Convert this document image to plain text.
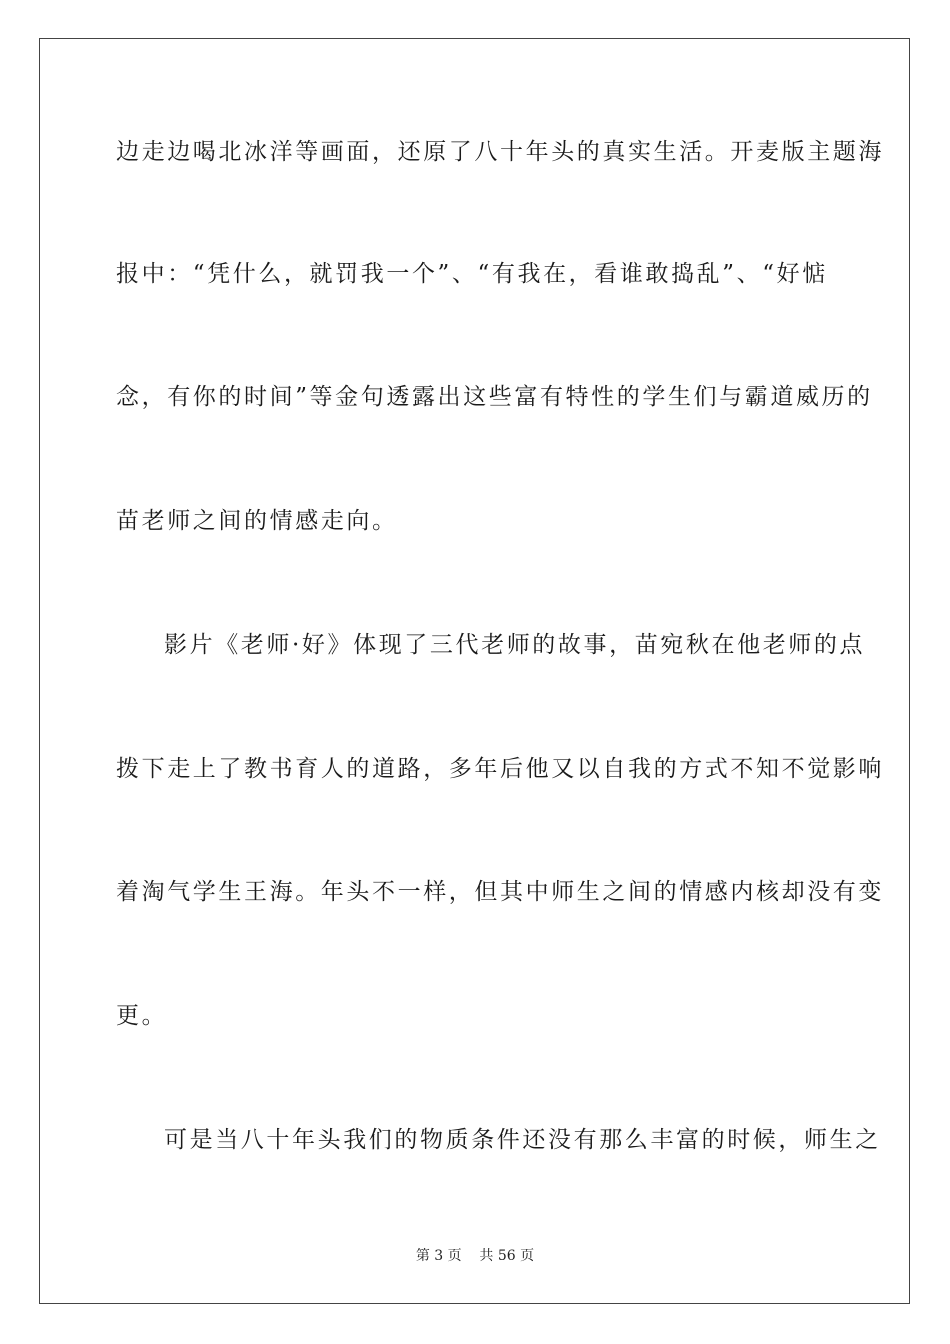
边走边喝北冰洋等画面，还原了八十年头的真实生活。开麦版主题海
报中：“凭什么，就罚我一个”、“有我在，看谁敢捣乱”、“好惦
念，有你的时间”等金句透露出这些富有特性的学生们与霸道威历的
苗老师之间的情感走向。
影片《老师·好》体现了三代老师的故事，苗宛秋在他老师的点
拨下走上了教书育人的道路，多年后他又以自我的方式不知不觉影响
着淘气学生王海。年头不一样，但其中师生之间的情感内核却没有变
更。
可是当八十年头我们的物质条件还没有那么丰富的时候，师生之
第 3 页    共 56 页
